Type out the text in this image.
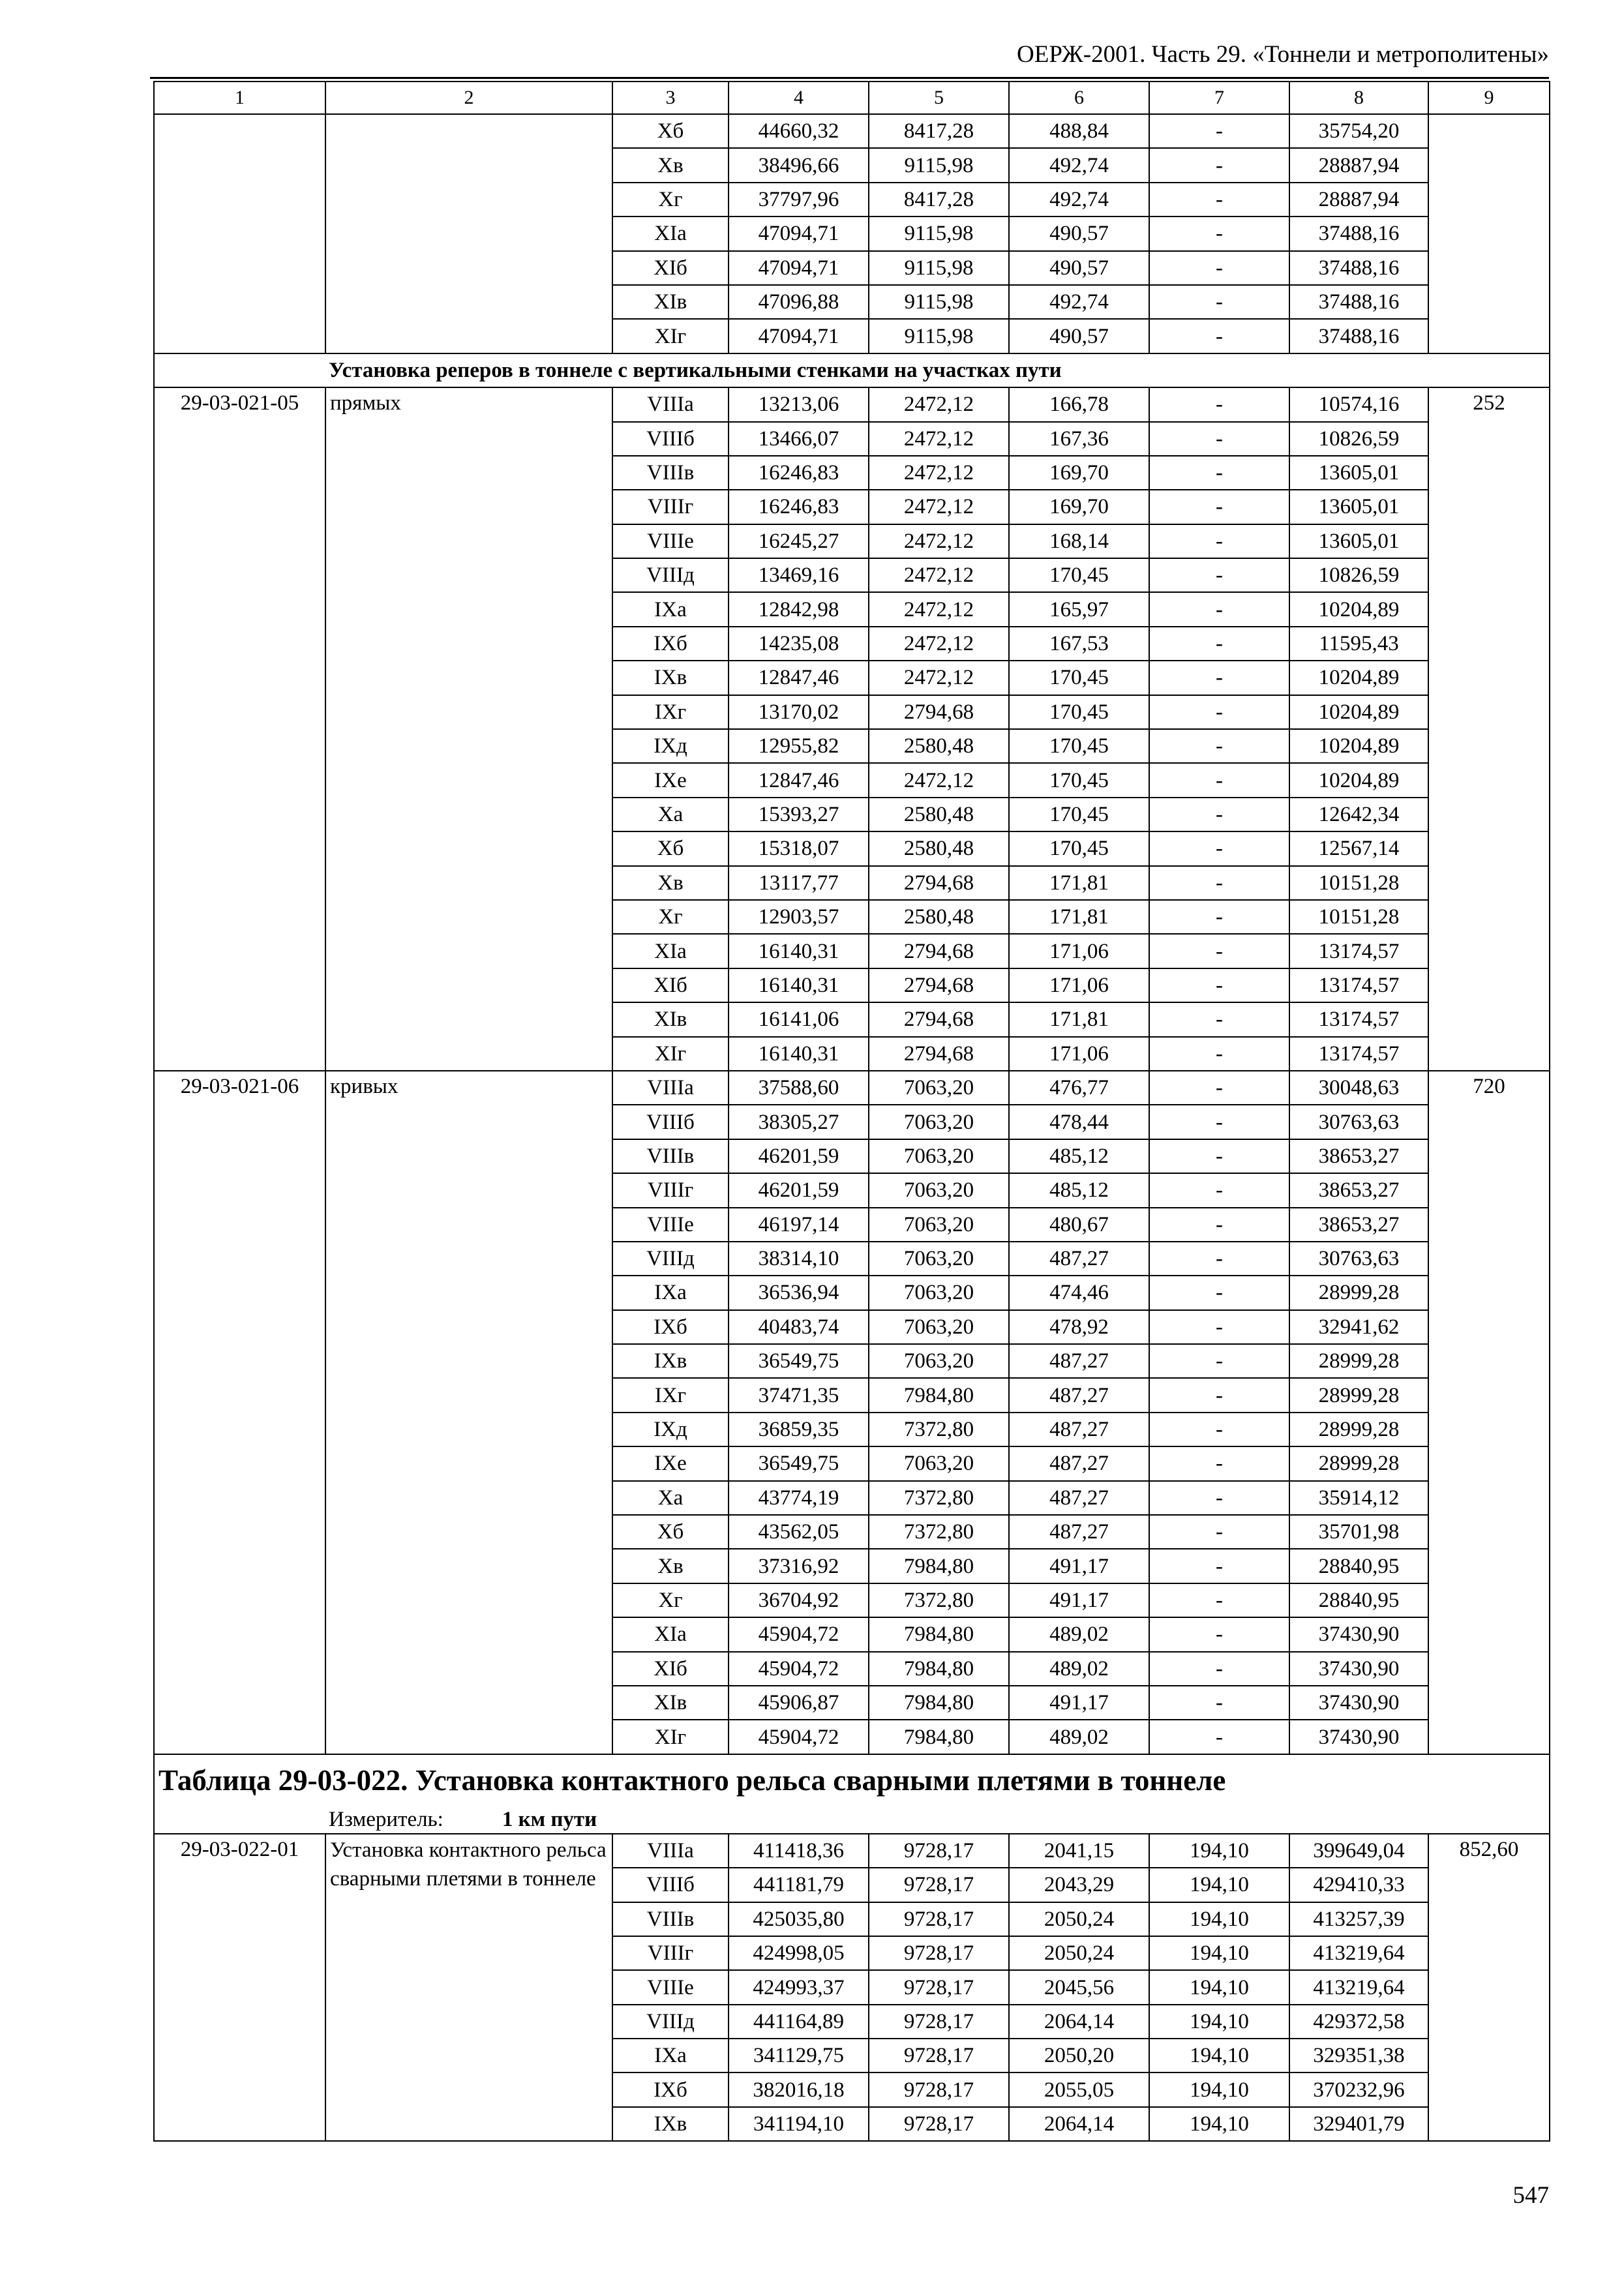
ОЕРЖ-2001. Часть 29. «Тоннели и метрополитены»
1	2	3	4	5	6	7	8	9
		Xб	44660,32	8417,28	488,84	-	35754,20	
		Xв	38496,66	9115,98	492,74	-	28887,94	
		Xг	37797,96	8417,28	492,74	-	28887,94	
		XIа	47094,71	9115,98	490,57	-	37488,16	
		XIб	47094,71	9115,98	490,57	-	37488,16	
		XIв	47096,88	9115,98	492,74	-	37488,16	
		XIг	47094,71	9115,98	490,57	-	37488,16	
Установка реперов в тоннеле с вертикальными стенками на участках пути								
29-03-021-05	прямых	VIIIа	13213,06	2472,12	166,78	-	10574,16	252
		VIIIб	13466,07	2472,12	167,36	-	10826,59	
		VIIIв	16246,83	2472,12	169,70	-	13605,01	
		VIIIг	16246,83	2472,12	169,70	-	13605,01	
		VIIIе	16245,27	2472,12	168,14	-	13605,01	
		VIIIд	13469,16	2472,12	170,45	-	10826,59	
		IXа	12842,98	2472,12	165,97	-	10204,89	
		IXб	14235,08	2472,12	167,53	-	11595,43	
		IXв	12847,46	2472,12	170,45	-	10204,89	
		IXг	13170,02	2794,68	170,45	-	10204,89	
		IXд	12955,82	2580,48	170,45	-	10204,89	
		IXе	12847,46	2472,12	170,45	-	10204,89	
		Xа	15393,27	2580,48	170,45	-	12642,34	
		Xб	15318,07	2580,48	170,45	-	12567,14	
		Xв	13117,77	2794,68	171,81	-	10151,28	
		Xг	12903,57	2580,48	171,81	-	10151,28	
		XIа	16140,31	2794,68	171,06	-	13174,57	
		XIб	16140,31	2794,68	171,06	-	13174,57	
		XIв	16141,06	2794,68	171,81	-	13174,57	
		XIг	16140,31	2794,68	171,06	-	13174,57	
29-03-021-06	кривых	VIIIа	37588,60	7063,20	476,77	-	30048,63	720
		VIIIб	38305,27	7063,20	478,44	-	30763,63	
		VIIIв	46201,59	7063,20	485,12	-	38653,27	
		VIIIг	46201,59	7063,20	485,12	-	38653,27	
		VIIIе	46197,14	7063,20	480,67	-	38653,27	
		VIIIд	38314,10	7063,20	487,27	-	30763,63	
		IXа	36536,94	7063,20	474,46	-	28999,28	
		IXб	40483,74	7063,20	478,92	-	32941,62	
		IXв	36549,75	7063,20	487,27	-	28999,28	
		IXг	37471,35	7984,80	487,27	-	28999,28	
		IXд	36859,35	7372,80	487,27	-	28999,28	
		IXе	36549,75	7063,20	487,27	-	28999,28	
		Xа	43774,19	7372,80	487,27	-	35914,12	
		Xб	43562,05	7372,80	487,27	-	35701,98	
		Xв	37316,92	7984,80	491,17	-	28840,95	
		Xг	36704,92	7372,80	491,17	-	28840,95	
		XIа	45904,72	7984,80	489,02	-	37430,90	
		XIб	45904,72	7984,80	489,02	-	37430,90	
		XIв	45906,87	7984,80	491,17	-	37430,90	
		XIг	45904,72	7984,80	489,02	-	37430,90	
Таблица 29-03-022. Установка контактного рельса сварными плетями в тоннеле								
Измеритель: 1 км пути								
29-03-022-01	Установка контактного рельса сварными плетями в тоннеле	VIIIа	411418,36	9728,17	2041,15	194,10	399649,04	852,60
		VIIIб	441181,79	9728,17	2043,29	194,10	429410,33	
		VIIIв	425035,80	9728,17	2050,24	194,10	413257,39	
		VIIIг	424998,05	9728,17	2050,24	194,10	413219,64	
		VIIIе	424993,37	9728,17	2045,56	194,10	413219,64	
		VIIIд	441164,89	9728,17	2064,14	194,10	429372,58	
		IXа	341129,75	9728,17	2050,20	194,10	329351,38	
		IXб	382016,18	9728,17	2055,05	194,10	370232,96	
		IXв	341194,10	9728,17	2064,14	194,10	329401,79	
547
